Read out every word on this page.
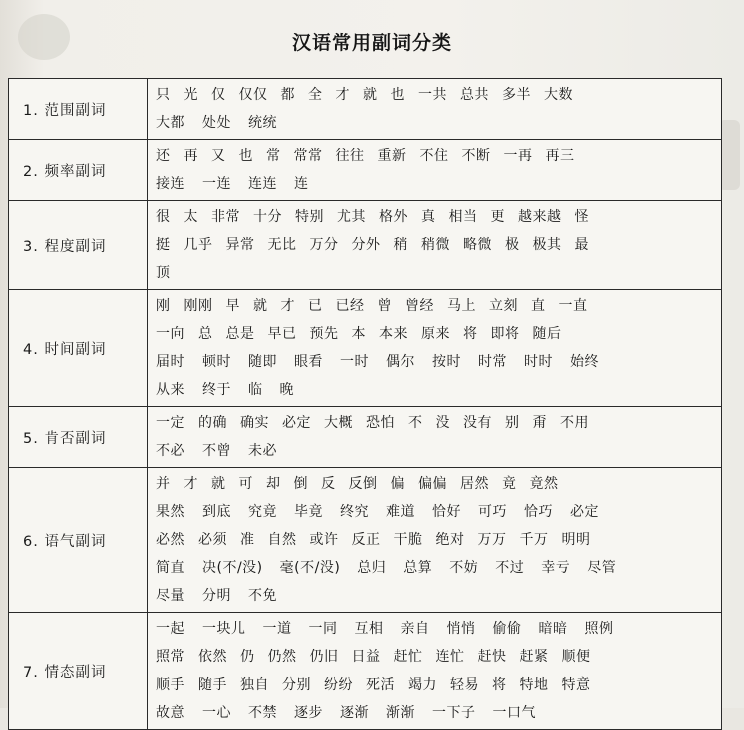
汉语常用副词分类
1. 范围副词	只 光 仅 仅仅 都 全 才 就 也 一共 总共 多半 大数
大都 处处 统统

2. 频率副词	还 再 又 也 常 常常 往往 重新 不住 不断 一再 再三
接连 一连 连连 连

3. 程度副词	很 太 非常 十分 特别 尤其 格外 真 相当 更 越来越 怪
挺 几乎 异常 无比 万分 分外 稍 稍微 略微 极 极其 最
顶

4. 时间副词	刚 刚刚 早 就 才 已 已经 曾 曾经 马上 立刻 直 一直
一向 总 总是 早已 预先 本 本来 原来 将 即将 随后
届时 顿时 随即 眼看 一时 偶尔 按时 时常 时时 始终
从来 终于 临 晚

5. 肯否副词	一定 的确 确实 必定 大概 恐怕 不 没 没有 别 甭 不用
不必 不曾 未必

6. 语气副词	并 才 就 可 却 倒 反 反倒 偏 偏偏 居然 竟 竟然
果然 到底 究竟 毕竟 终究 难道 恰好 可巧 恰巧 必定
必然 必须 准 自然 或许 反正 干脆 绝对 万万 千万 明明
简直 决(不/没) 毫(不/没) 总归 总算 不妨 不过 幸亏 尽管
尽量 分明 不免

7. 情态副词	一起 一块儿 一道 一同 互相 亲自 悄悄 偷偷 暗暗 照例
照常 依然 仍 仍然 仍旧 日益 赶忙 连忙 赶快 赶紧 顺便
顺手 随手 独自 分别 纷纷 死活 竭力 轻易 将 特地 特意
故意 一心 不禁 逐步 逐渐 渐渐 一下子 一口气
